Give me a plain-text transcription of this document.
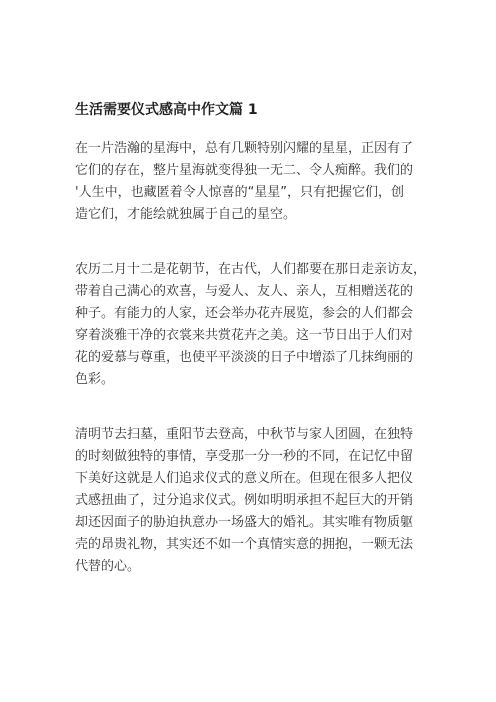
生活需要仪式感高中作文篇 1
在一片浩瀚的星海中，总有几颗特别闪耀的星星，正因有了
它们的存在，整片星海就变得独一无二、令人痴醉。我们的
'人生中，也藏匿着令人惊喜的“星星”，只有把握它们，创
造它们，才能绘就独属于自己的星空。
农历二月十二是花朝节，在古代，人们都要在那日走亲访友，
带着自己满心的欢喜，与爱人、友人、亲人，互相赠送花的
种子。有能力的人家，还会举办花卉展览，参会的人们都会
穿着淡雅干净的衣裳来共赏花卉之美。这一节日出于人们对
花的爱慕与尊重，也使平平淡淡的日子中增添了几抹绚丽的
色彩。
清明节去扫墓，重阳节去登高，中秋节与家人团圆，在独特
的时刻做独特的事情，享受那一分一秒的不同，在记忆中留
下美好这就是人们追求仪式的意义所在。但现在很多人把仪
式感扭曲了，过分追求仪式。例如明明承担不起巨大的开销
却还因面子的胁迫执意办一场盛大的婚礼。其实唯有物质躯
壳的昂贵礼物，其实还不如一个真情实意的拥抱，一颗无法
代替的心。
